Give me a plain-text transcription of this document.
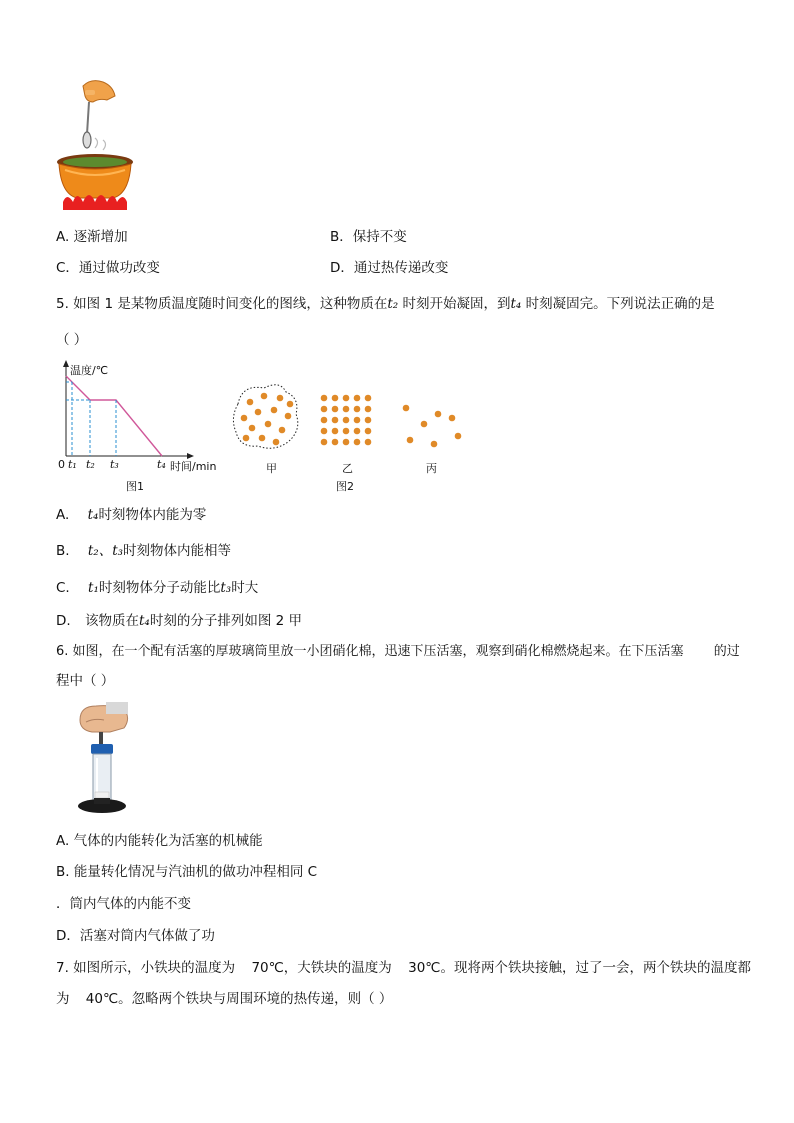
A. 逐渐增加	B．保持不变
C．通过做功改变	D．通过热传递改变
5. 如图 1 是某物质温度随时间变化的图线，这种物质在t₂ 时刻开始凝固，到t₄ 时刻凝固完。下列说法正确的是
（ ）
温度/℃
0 t₁ t₂ t₃	t₄ 时间/min
图1
甲	乙	丙
图2
A. t₄时刻物体内能为零
B. t₂、t₃时刻物体内能相等
C. t₁时刻物体分子动能比t₃时大
D. 该物质在t₄时刻的分子排列如图 2 甲
6. 如图，在一个配有活塞的厚玻璃筒里放一小团硝化棉，迅速下压活塞，观察到硝化棉燃烧起来。在下压活塞 的过
程中（ ）
A. 气体的内能转化为活塞的机械能
B. 能量转化情况与汽油机的做功冲程相同 C
．筒内气体的内能不变
D．活塞对筒内气体做了功
7. 如图所示，小铁块的温度为 70℃，大铁块的温度为 30℃。现将两个铁块接触，过了一会，两个铁块的温度都
为 40℃。忽略两个铁块与周围环境的热传递，则（ ）
